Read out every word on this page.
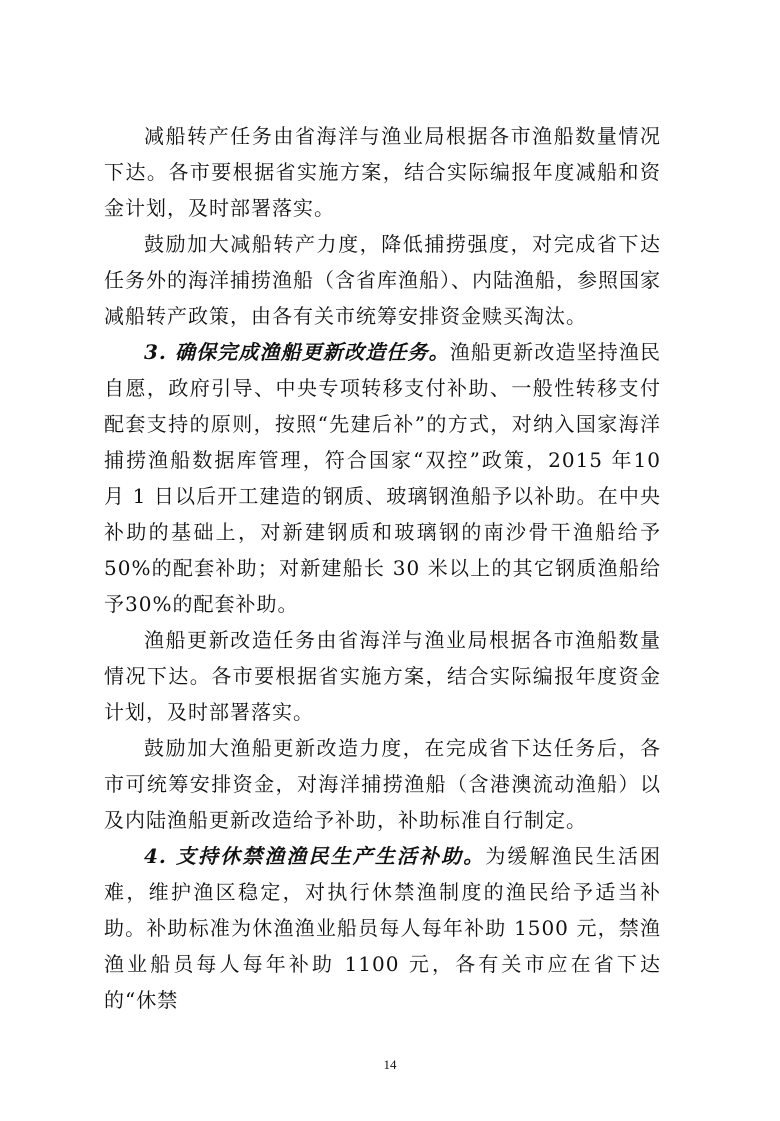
减船转产任务由省海洋与渔业局根据各市渔船数量情况下达。各市要根据省实施方案，结合实际编报年度减船和资金计划，及时部署落实。

鼓励加大减船转产力度，降低捕捞强度，对完成省下达任务外的海洋捕捞渔船（含省库渔船）、内陆渔船，参照国家减船转产政策，由各有关市统筹安排资金赎买淘汰。

3. 确保完成渔船更新改造任务。渔船更新改造坚持渔民自愿，政府引导、中央专项转移支付补助、一般性转移支付配套支持的原则，按照“先建后补”的方式，对纳入国家海洋捕捞渔船数据库管理，符合国家“双控”政策，2015 年10 月 1 日以后开工建造的钢质、玻璃钢渔船予以补助。在中央补助的基础上，对新建钢质和玻璃钢的南沙骨干渔船给予50%的配套补助；对新建船长 30 米以上的其它钢质渔船给予30%的配套补助。

渔船更新改造任务由省海洋与渔业局根据各市渔船数量情况下达。各市要根据省实施方案，结合实际编报年度资金计划，及时部署落实。

鼓励加大渔船更新改造力度，在完成省下达任务后，各市可统筹安排资金，对海洋捕捞渔船（含港澳流动渔船）以及内陆渔船更新改造给予补助，补助标准自行制定。

4. 支持休禁渔渔民生产生活补助。为缓解渔民生活困难，维护渔区稳定，对执行休禁渔制度的渔民给予适当补助。补助标准为休渔渔业船员每人每年补助 1500 元，禁渔渔业船员每人每年补助 1100 元，各有关市应在省下达的“休禁

14
